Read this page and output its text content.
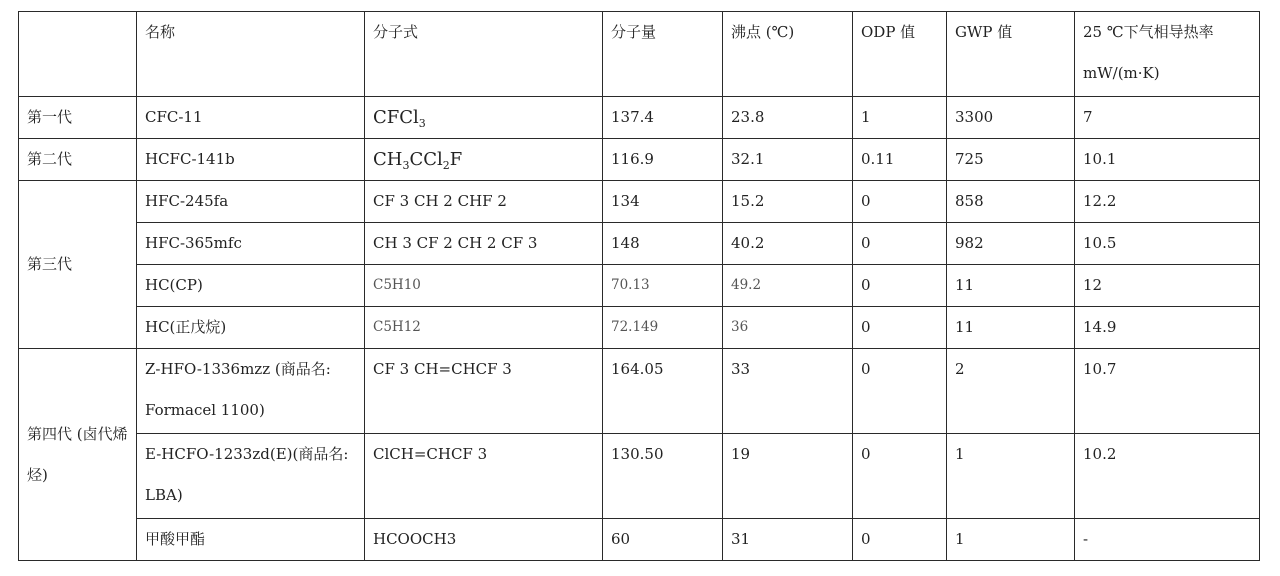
	名称	分子式	分子量	沸点 (℃)	ODP 值	GWP 值	25 ℃下气相导热率
mW/(m·K)

第一代	CFC-11	CFCl$_3$	137.4	23.8	1	3300	7
第二代	HCFC-141b	$CH_3CCl_2F$	116.9	32.1	0.11	725	10.1
第三代	HFC-245fa	CF 3 CH 2 CHF 2	134	15.2	0	858	12.2
	HFC-365mfc	CH 3 CF 2 CH 2 CF 3	148	40.2	0	982	10.5
	HC(CP)	C5H10	70.13	49.2	0	11	12
	HC(正戊烷)	C5H12	72.149	36	0	11	14.9
第四代 (卤代烯烃)	Z-HFO-1336mzz (商品名: Formacel 1100)	CF 3 CH=CHCF 3	164.05	33	0	2	10.7
	E-HCFO-1233zd(E)(商品名: LBA)	ClCH=CHCF 3	130.50	19	0	1	10.2
	甲酸甲酯	HCOOCH3	60	31	0	1	-
